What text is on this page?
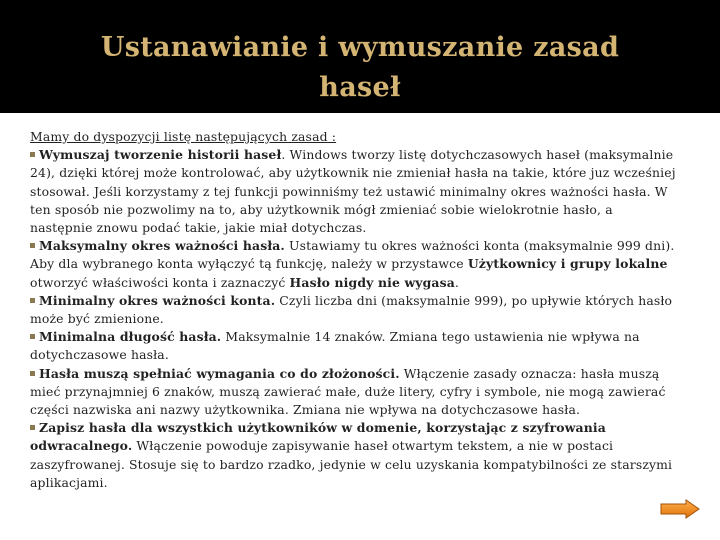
Ustanawianie i wymuszanie zasad
haseł

Mamy do dyspozycji listę następujących zasad :

Wymuszaj tworzenie historii haseł. Windows tworzy listę dotychczasowych haseł (maksymalnie 24), dzięki której może kontrolować, aby użytkownik nie zmieniał hasła na takie, które juz wcześniej stosował. Jeśli korzystamy z tej funkcji powinniśmy też ustawić minimalny okres ważności hasła. W ten sposób nie pozwolimy na to, aby użytkownik mógł zmieniać sobie wielokrotnie hasło, a następnie znowu podać takie, jakie miał dotychczas.

Maksymalny okres ważności hasła. Ustawiamy tu okres ważności konta (maksymalnie 999 dni). Aby dla wybranego konta wyłączyć tą funkcję, należy w przystawce Użytkownicy i grupy lokalne otworzyć właściwości konta i zaznaczyć Hasło nigdy nie wygasa.

Minimalny okres ważności konta. Czyli liczba dni (maksymalnie 999), po upływie których hasło może być zmienione.

Minimalna długość hasła. Maksymalnie 14 znaków. Zmiana tego ustawienia nie wpływa na dotychczasowe hasła.

Hasła muszą spełniać wymagania co do złożoności. Włączenie zasady oznacza: hasła muszą mieć przynajmniej 6 znaków, muszą zawierać małe, duże litery, cyfry i symbole, nie mogą zawierać części nazwiska ani nazwy użytkownika. Zmiana nie wpływa na dotychczasowe hasła.

Zapisz hasła dla wszystkich użytkowników w domenie, korzystając z szyfrowania odwracalnego. Włączenie powoduje zapisywanie haseł otwartym tekstem, a nie w postaci zaszyfrowanej. Stosuje się to bardzo rzadko, jedynie w celu uzyskania kompatybilności ze starszymi aplikacjami.
